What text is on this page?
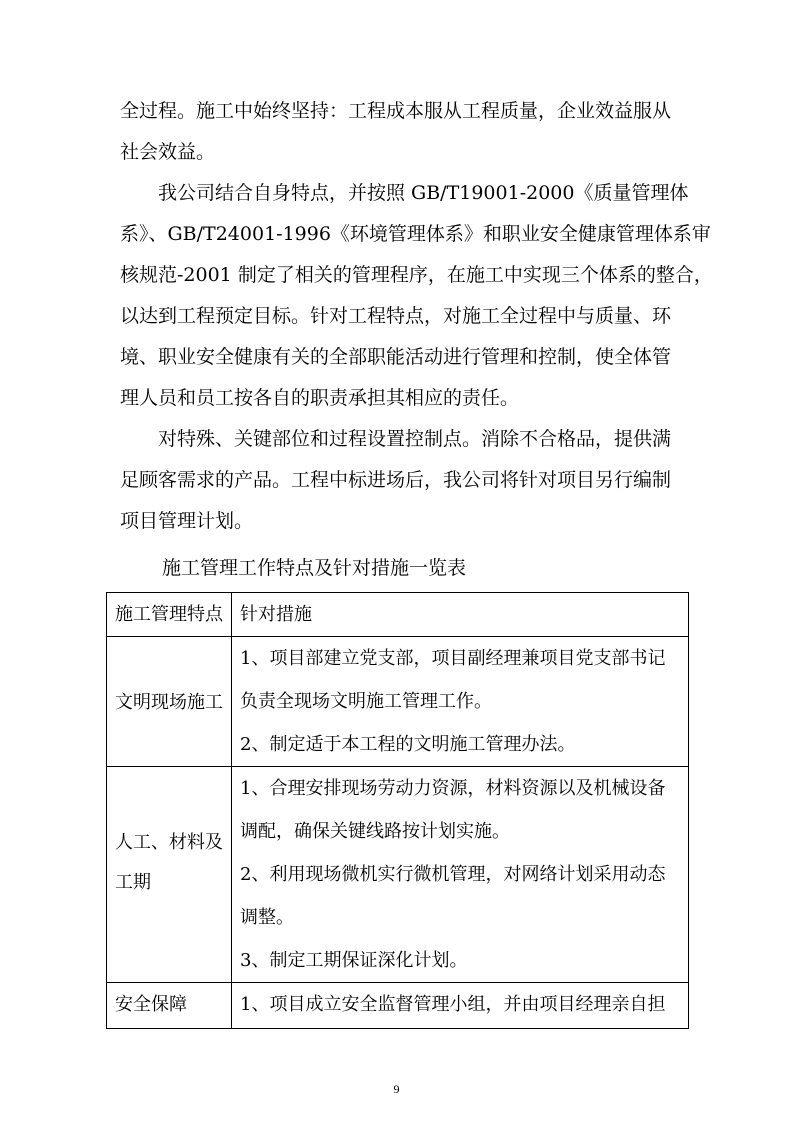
全过程。施工中始终坚持：工程成本服从工程质量，企业效益服从
社会效益。
　　我公司结合自身特点，并按照 GB/T19001-2000《质量管理体
系》、GB/T24001-1996《环境管理体系》和职业安全健康管理体系审
核规范-2001 制定了相关的管理程序，在施工中实现三个体系的整合，
以达到工程预定目标。针对工程特点，对施工全过程中与质量、环
境、职业安全健康有关的全部职能活动进行管理和控制，使全体管
理人员和员工按各自的职责承担其相应的责任。
　　对特殊、关键部位和过程设置控制点。消除不合格品，提供满
足顾客需求的产品。工程中标进场后，我公司将针对项目另行编制
项目管理计划。
施工管理工作特点及针对措施一览表
施工管理特点	针对措施

文明现场施工	1、项目部建立党支部，项目副经理兼项目党支部书记
负责全现场文明施工管理工作。
2、制定适于本工程的文明施工管理办法。

人工、材料及工期	1、合理安排现场劳动力资源，材料资源以及机械设备
调配，确保关键线路按计划实施。
2、利用现场微机实行微机管理，对网络计划采用动态
调整。
3、制定工期保证深化计划。

安全保障	1、项目成立安全监督管理小组，并由项目经理亲自担
9
